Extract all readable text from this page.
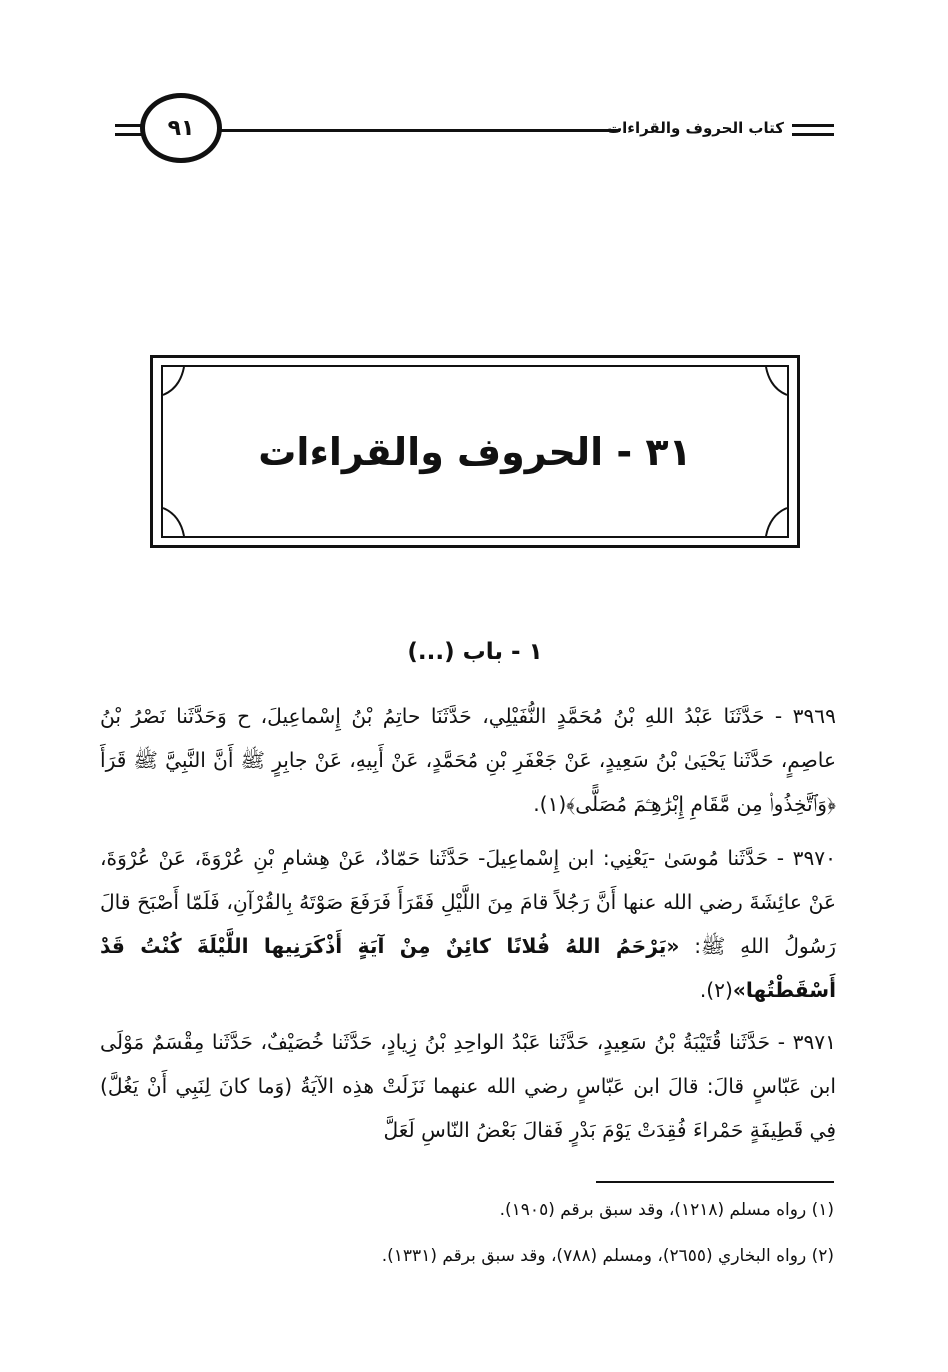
٩١	كتاب الحروف والقراءات
٣١ - الحروف والقراءات
١ - باب (...)
٣٩٦٩ - حَدَّثَنَا عَبْدُ اللهِ بْنُ مُحَمَّدٍ النُّفَيْلِي، حَدَّثَنَا حاتِمُ بْنُ إِسْماعِيلَ، ح وَحَدَّثَنا نَصْرُ بْنُ عاصِمٍ، حَدَّثَنا يَحْيَىٰ بْنُ سَعِيدٍ، عَنْ جَعْفَرِ بْنِ مُحَمَّدٍ، عَنْ أَبِيهِ، عَنْ جابِرٍ ﷺ أَنَّ النَّبِيَّ ﷺ قَرَأَ ﴿وَٱتَّخِذُوا۟ مِن مَّقَامِ إِبْرَٰهِـۧمَ مُصَلًّى﴾(١).
٣٩٧٠ - حَدَّثَنا مُوسَىٰ -يَعْنِي: ابن إِسْماعِيلَ- حَدَّثَنا حَمّادٌ، عَنْ هِشامِ بْنِ عُرْوَةَ، عَنْ عُرْوَةَ، عَنْ عائِشَةَ رضي الله عنها أَنَّ رَجُلاً قامَ مِنَ اللَّيْلِ فَقَرَأَ فَرَفَعَ صَوْتَهُ بِالقُرْآنِ، فَلَمّا أَصْبَحَ قالَ رَسُولُ اللهِ ﷺ: «يَرْحَمُ اللهُ فُلانًا كائِنٌ مِنْ آيَةٍ أَذْكَرَنِيها اللَّيْلَةَ كُنْتُ قَدْ أَسْقَطْتُها»(٢).
٣٩٧١ - حَدَّثَنا قُتَيْبَةُ بْنُ سَعِيدٍ، حَدَّثَنا عَبْدُ الواحِدِ بْنُ زِيادٍ، حَدَّثَنا خُصَيْفٌ، حَدَّثَنا مِقْسَمٌ مَوْلَى ابن عَبّاسٍ قالَ: قالَ ابن عَبّاسٍ رضي الله عنهما نَزَلَتْ هذِه الآيَةُ (وَما كانَ لِنَبِي أَنْ يَغُلَّ) فِي قَطِيفَةٍ حَمْراءَ فُقِدَتْ يَوْمَ بَدْرٍ فَقالَ بَعْضُ النّاسِ لَعَلَّ
(١) رواه مسلم (١٢١٨)، وقد سبق برقم (١٩٠٥).
(٢) رواه البخاري (٢٦٥٥)، ومسلم (٧٨٨)، وقد سبق برقم (١٣٣١).
